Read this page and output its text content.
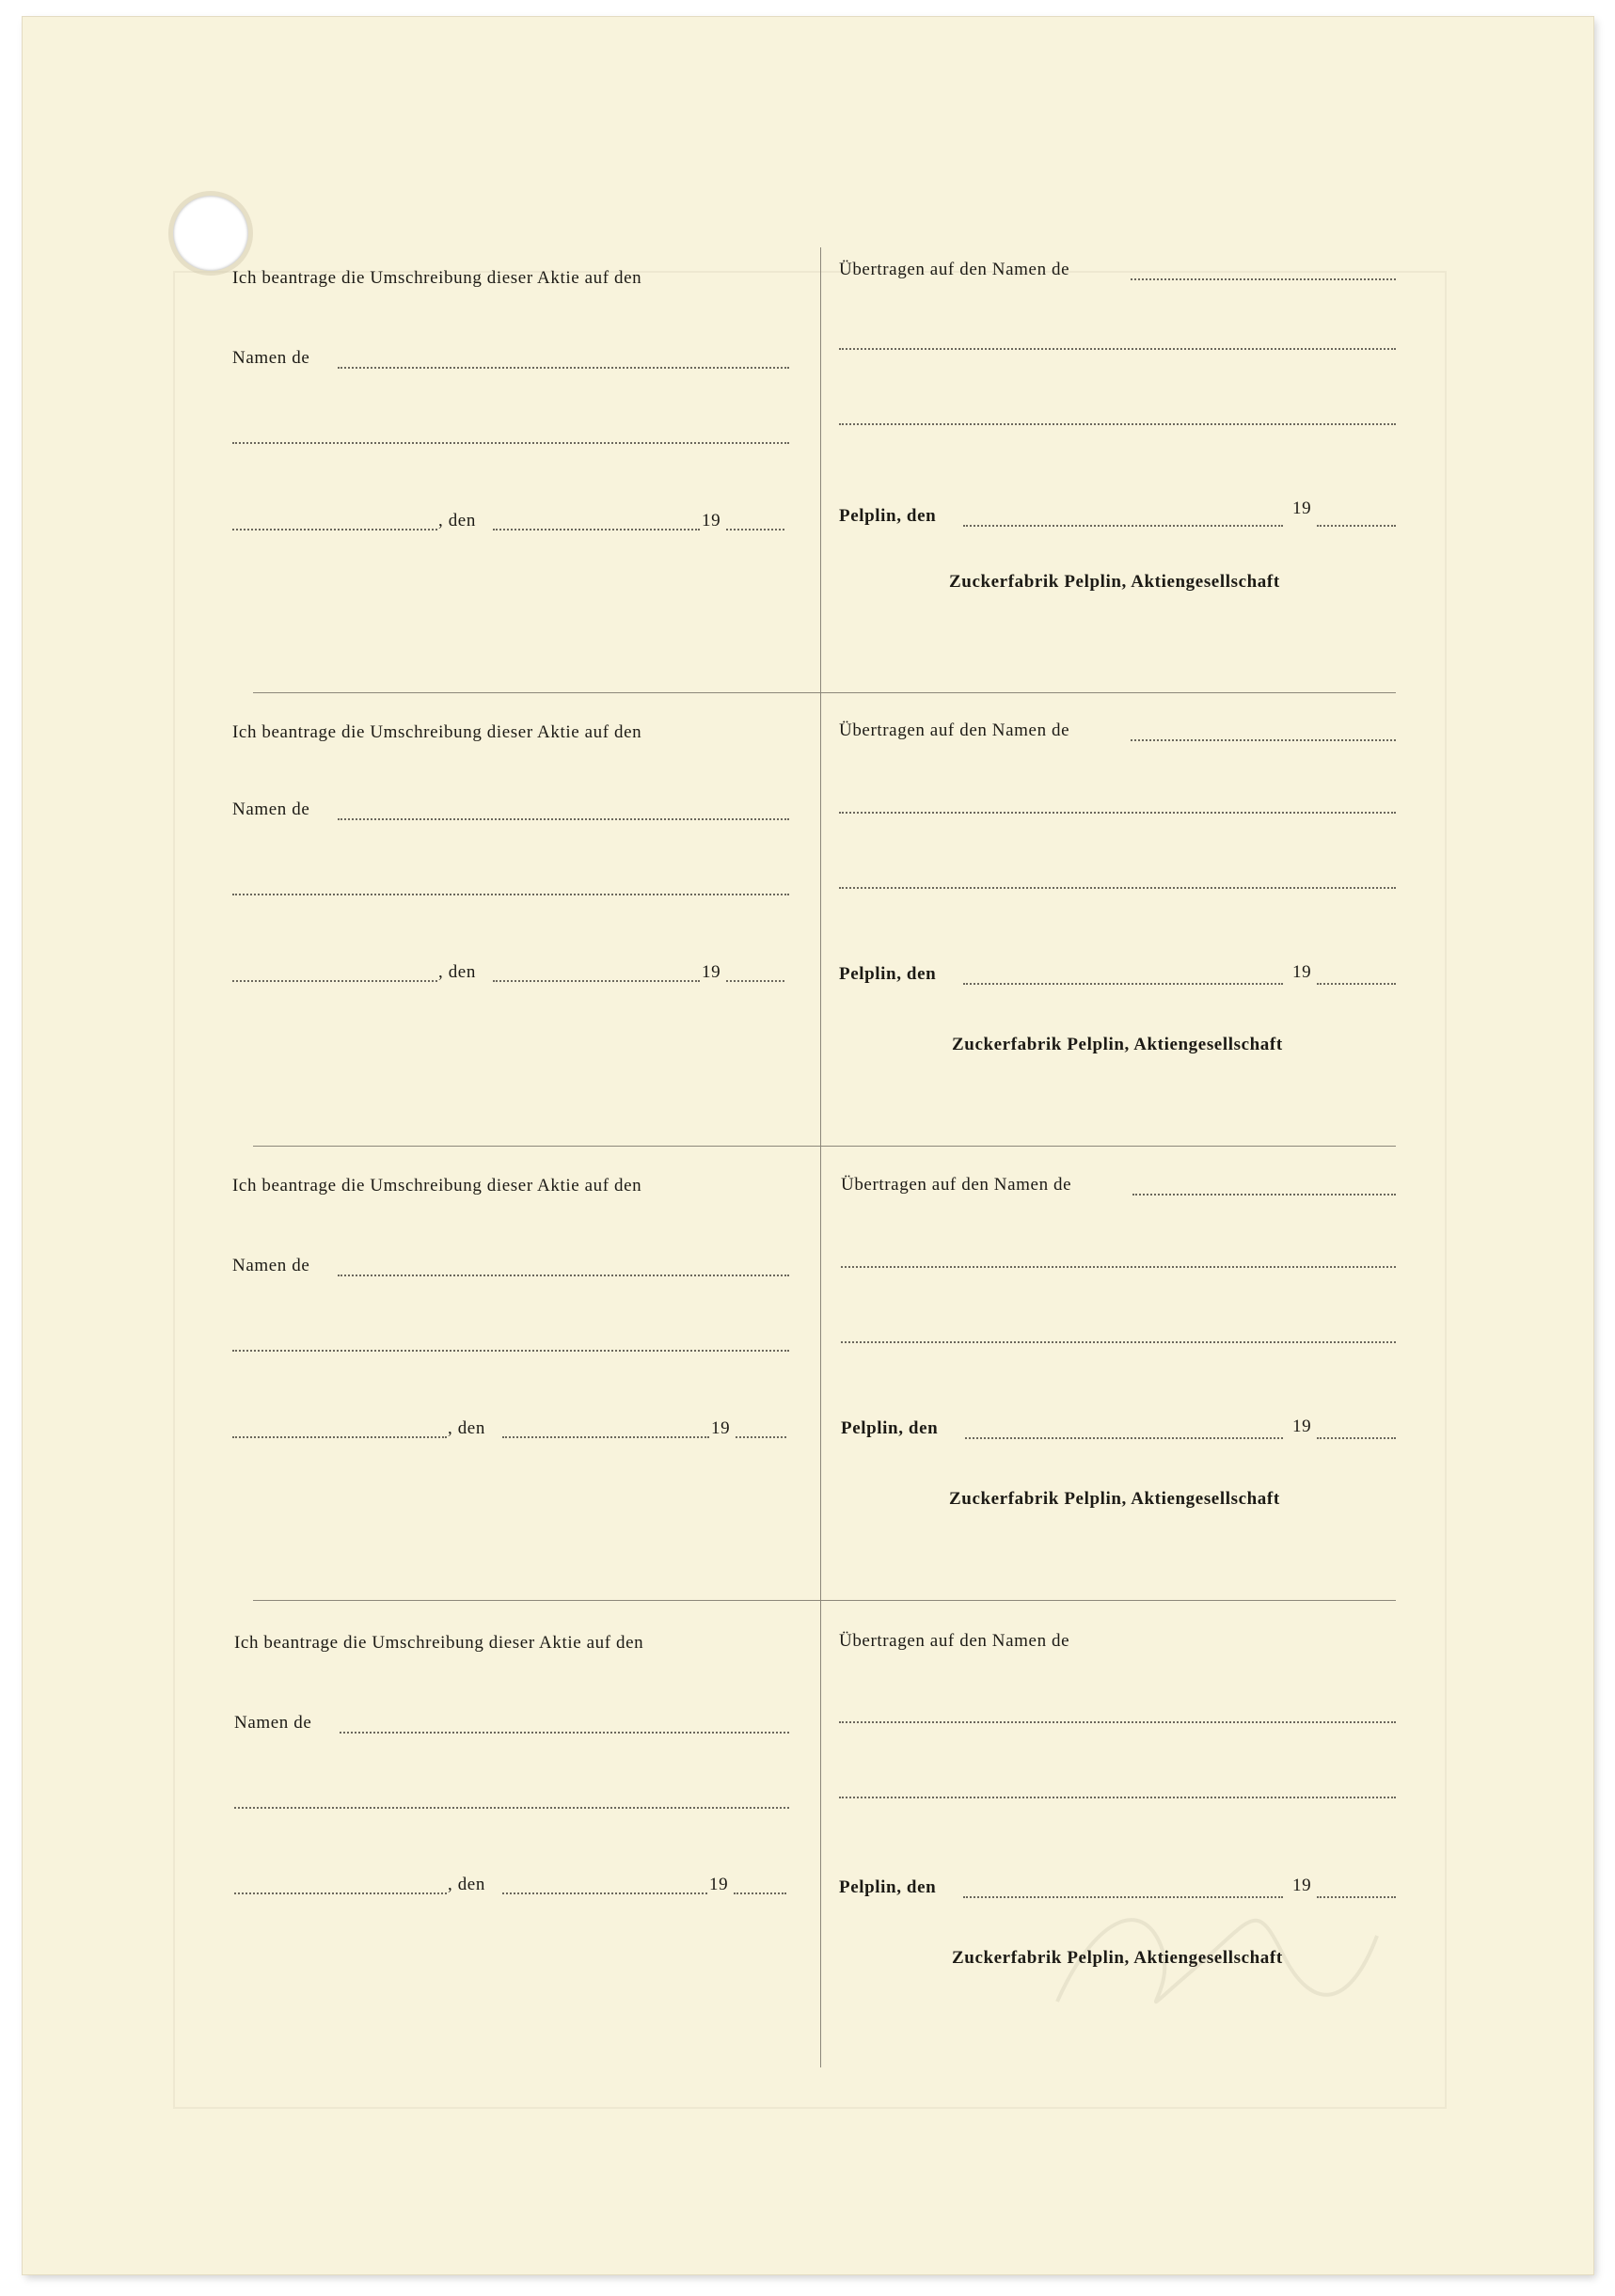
Ich beantrage die Umschreibung dieser Aktie auf den
Namen de
, den	19
Übertragen auf den Namen de
Pelplin, den	19
Zuckerfabrik Pelplin, Aktiengesellschaft
Ich beantrage die Umschreibung dieser Aktie auf den
Namen de
, den	19
Übertragen auf den Namen de
Pelplin, den	19
Zuckerfabrik Pelplin, Aktiengesellschaft
Ich beantrage die Umschreibung dieser Aktie auf den
Namen de
, den	19
Übertragen auf den Namen de
Pelplin, den	19
Zuckerfabrik Pelplin, Aktiengesellschaft
Ich beantrage die Umschreibung dieser Aktie auf den
Namen de
, den	19
Übertragen auf den Namen de
Pelplin, den	19
Zuckerfabrik Pelplin, Aktiengesellschaft
